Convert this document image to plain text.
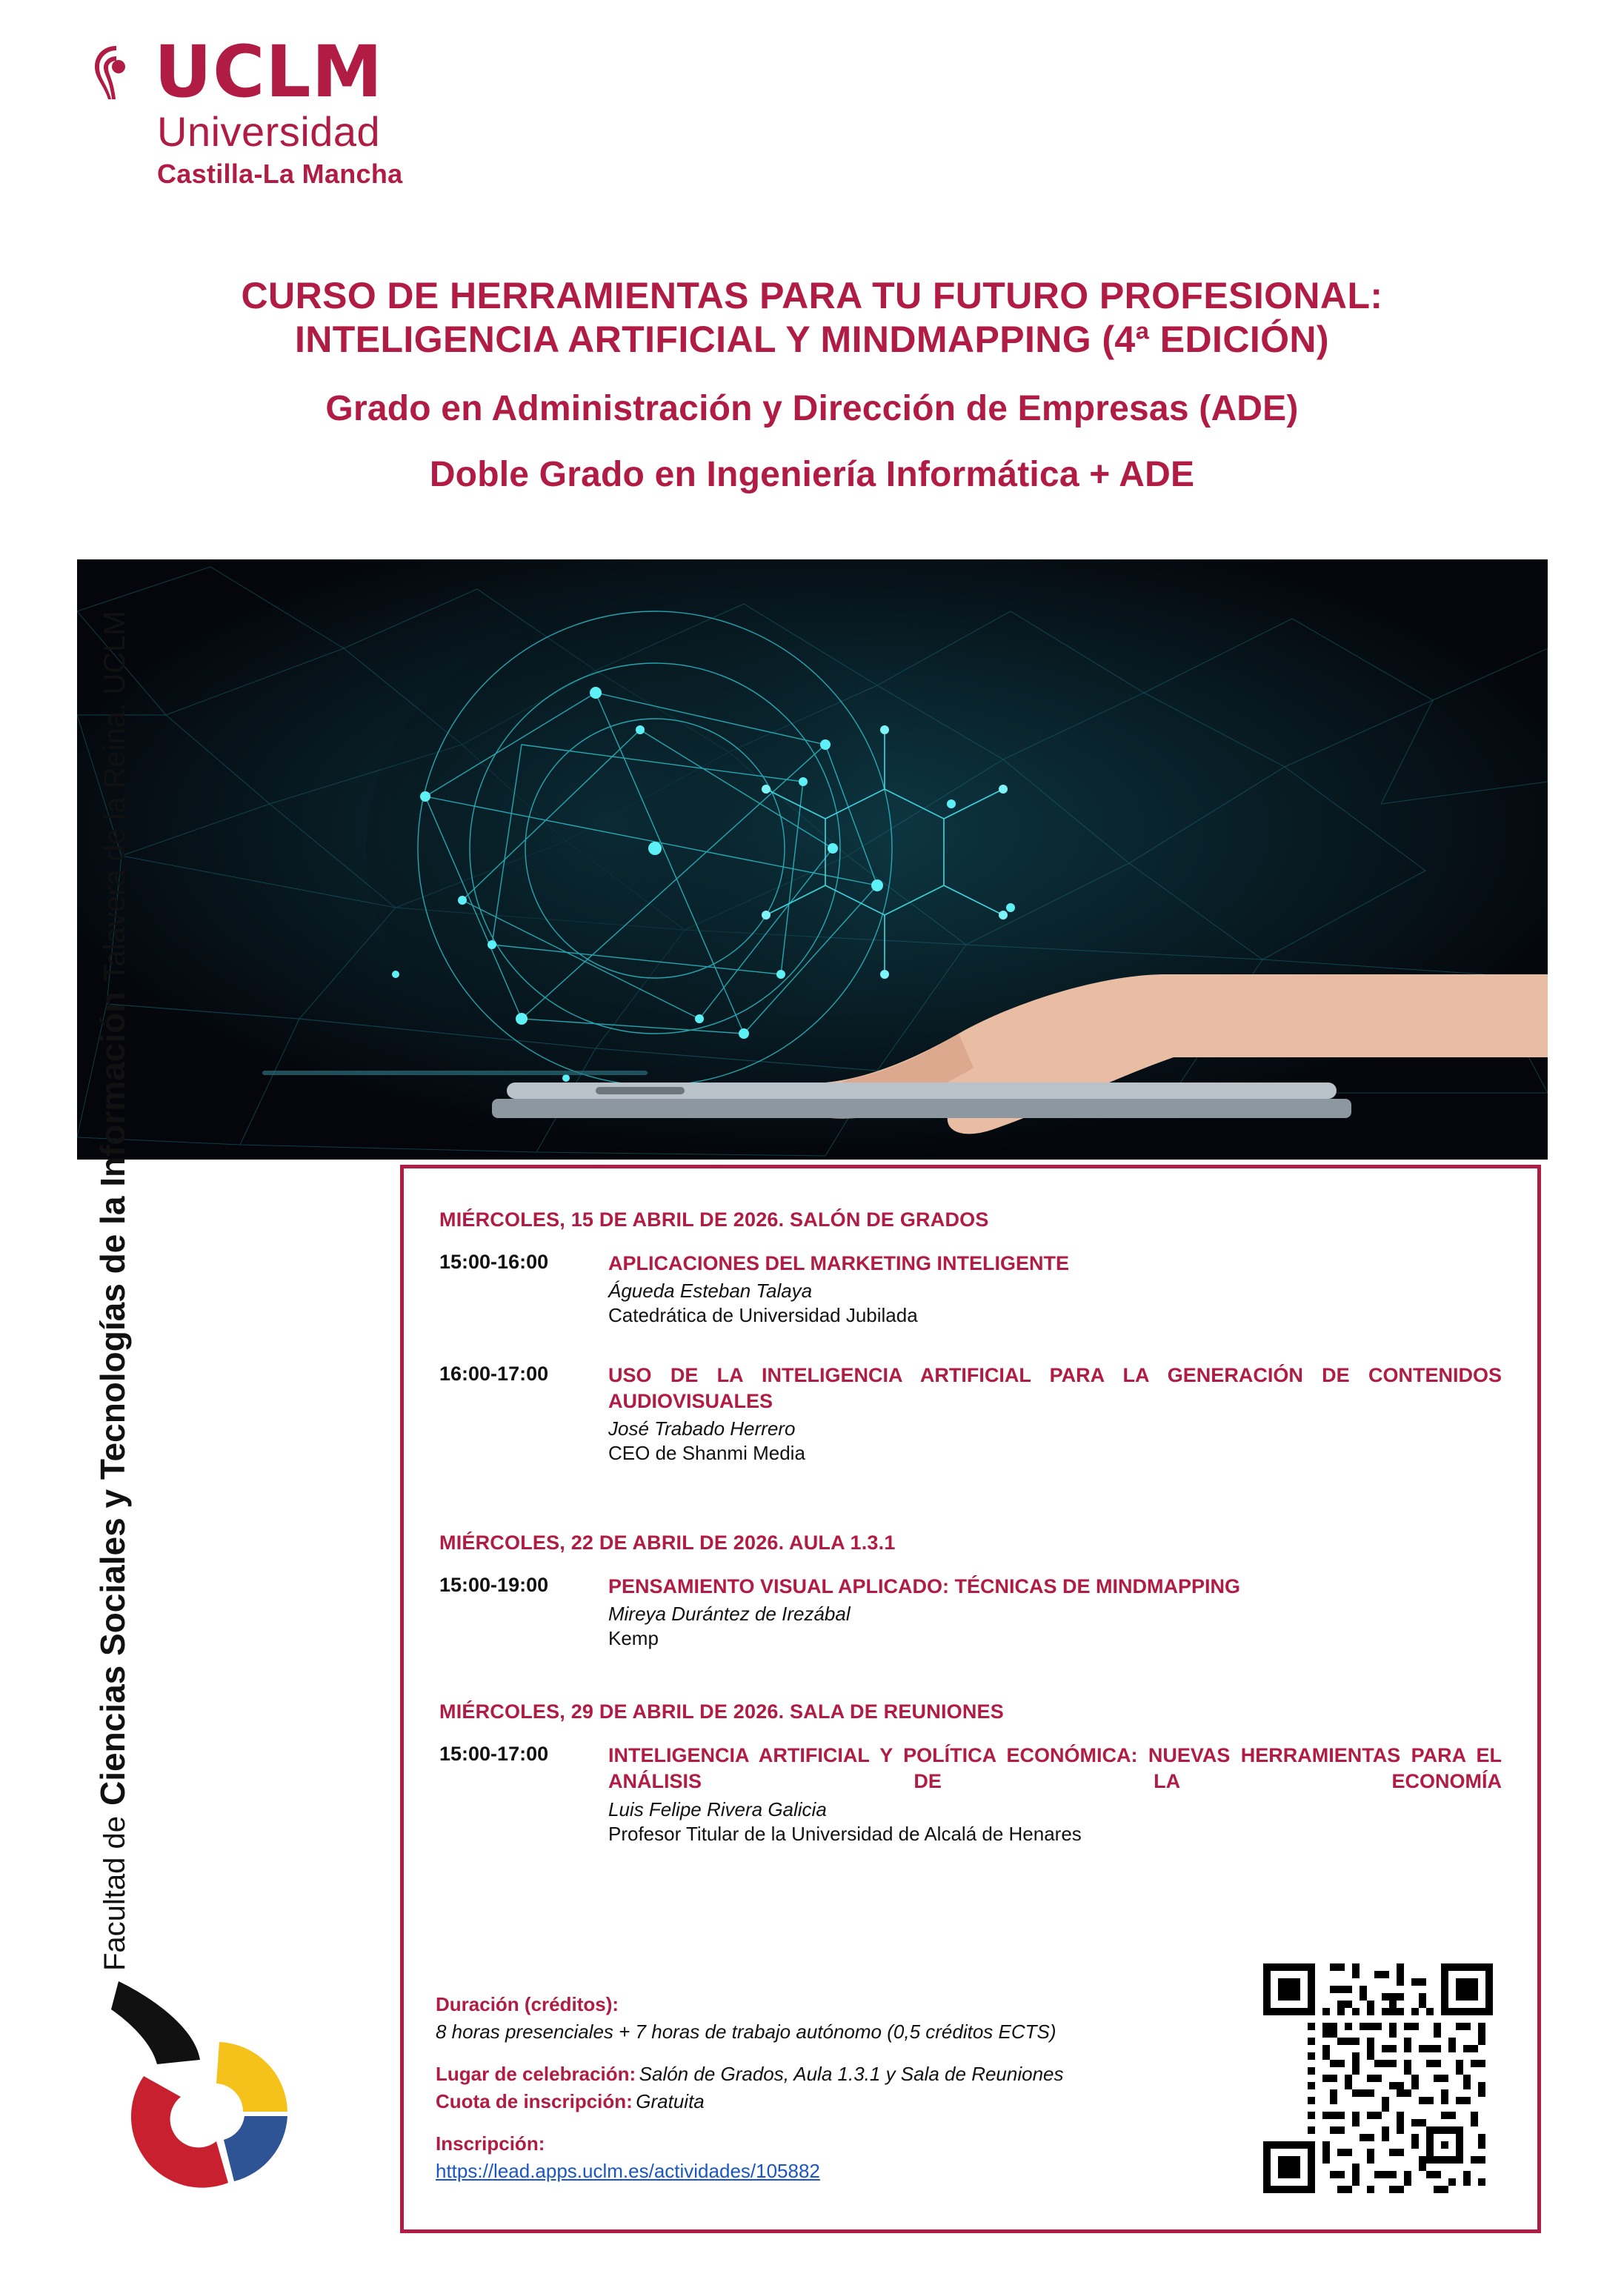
UCLM
Universidad
Castilla-La Mancha
CURSO DE HERRAMIENTAS PARA TU FUTURO PROFESIONAL:
INTELIGENCIA ARTIFICIAL Y MINDMAPPING (4ª EDICIÓN)
Grado en Administración y Dirección de Empresas (ADE)
Doble Grado en Ingeniería Informática + ADE
Facultad de
Ciencias Sociales y Tecnologías de la Información
Talavera de la Reina. UCLM
MIÉRCOLES, 15 DE ABRIL DE 2026. SALÓN DE GRADOS
15:00-16:00	APLICACIONES DEL MARKETING INTELIGENTE
Águeda Esteban Talaya
Catedrática de Universidad Jubilada
16:00-17:00	USO DE LA INTELIGENCIA ARTIFICIAL PARA LA GENERACIÓN DE CONTENIDOS AUDIOVISUALES
José Trabado Herrero
CEO de Shanmi Media
MIÉRCOLES, 22 DE ABRIL DE 2026. AULA 1.3.1
15:00-19:00	PENSAMIENTO VISUAL APLICADO: TÉCNICAS DE MINDMAPPING
Mireya Durántez de Irezábal
Kemp
MIÉRCOLES, 29 DE ABRIL DE 2026. SALA DE REUNIONES
15:00-17:00	INTELIGENCIA ARTIFICIAL Y POLÍTICA ECONÓMICA: NUEVAS HERRAMIENTAS PARA EL ANÁLISIS DE LA ECONOMÍA
Luis Felipe Rivera Galicia
Profesor Titular de la Universidad de Alcalá de Henares
Duración (créditos):
8 horas presenciales + 7 horas de trabajo autónomo (0,5 créditos ECTS)
Lugar de celebración: Salón de Grados, Aula 1.3.1 y Sala de Reuniones
Cuota de inscripción: Gratuita
Inscripción:
https://lead.apps.uclm.es/actividades/105882
